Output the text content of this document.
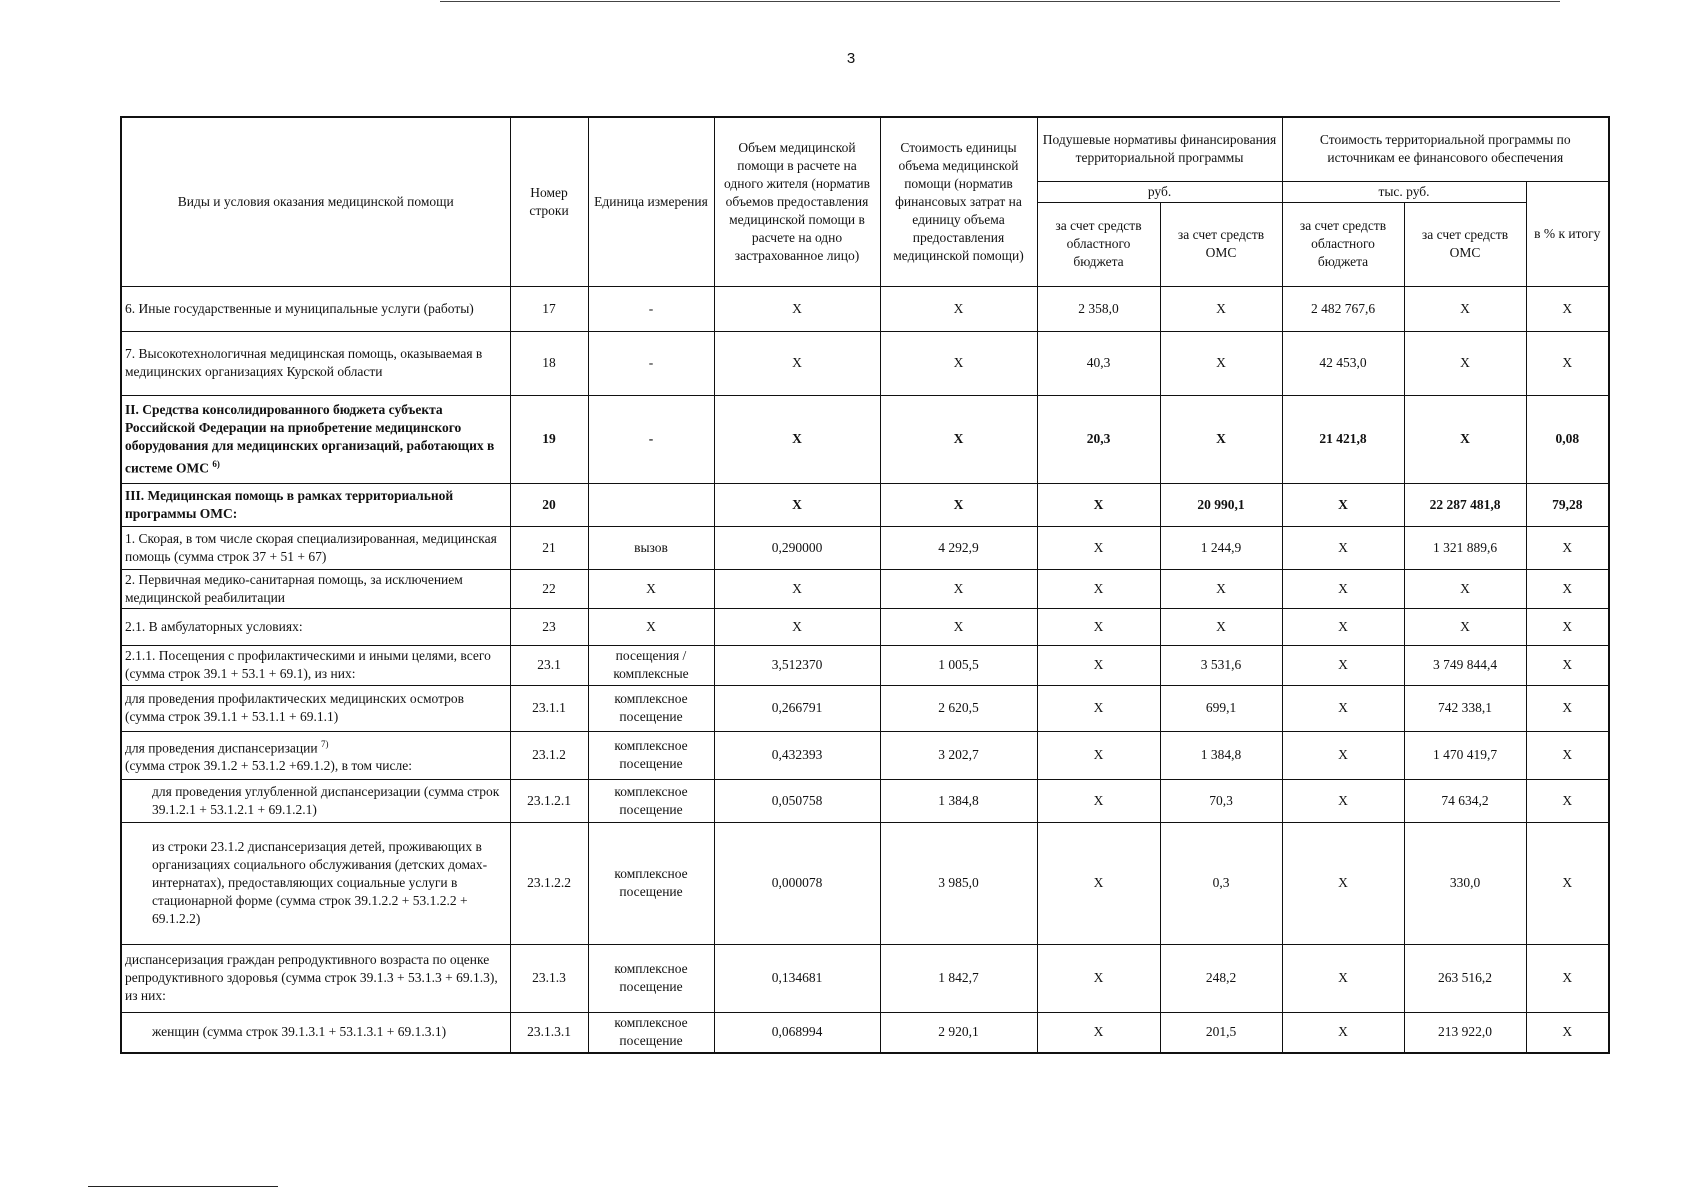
3
Виды и условия оказания медицинской помощи	Номер строки	Единица измерения	Объем медицинской помощи в расчете на одного жителя (норматив объемов предоставления медицинской помощи в расчете на одно застрахованное лицо)	Стоимость единицы объема медицинской помощи (норматив финансовых затрат на единицу объема предоставления медицинской помощи)	Подушевые нормативы финансирования территориальной программы		Стоимость территориальной программы по источникам ее финансового обеспечения		
					руб.		тыс. руб.		в % к итогу
					за счет средств областного бюджета	за счет средств ОМС	за счет средств областного бюджета	за счет средств ОМС	
6. Иные государственные и муниципальные услуги (работы)	17	-	X	X	2 358,0	X	2 482 767,6	X	X
7. Высокотехнологичная медицинская помощь, оказываемая в медицинских организациях Курской области	18	-	X	X	40,3	X	42 453,0	X	X
II. Средства консолидированного бюджета субъекта Российской Федерации на приобретение медицинского оборудования для медицинских организаций, работающих в системе ОМС $^{6)}$	19	-	X	X	20,3	X	21 421,8	X	0,08
III. Медицинская помощь в рамках территориальной программы ОМС:	20		X	X	X	20 990,1	X	22 287 481,8	79,28
1. Скорая, в том числе скорая специализированная, медицинская помощь (сумма строк 37 + 51 + 67)	21	вызов	0,290000	4 292,9	X	1 244,9	X	1 321 889,6	X
2. Первичная медико-санитарная помощь, за исключением медицинской реабилитации	22	X	X	X	X	X	X	X	X
2.1. В амбулаторных условиях:	23	X	X	X	X	X	X	X	X
2.1.1. Посещения с профилактическими и иными целями, всего (сумма строк 39.1 + 53.1 + 69.1), из них:	23.1	посещения / комплексные	3,512370	1 005,5	X	3 531,6	X	3 749 844,4	X
для проведения профилактических медицинских осмотров (сумма строк 39.1.1 + 53.1.1 + 69.1.1)	23.1.1	комплексное посещение	0,266791	2 620,5	X	699,1	X	742 338,1	X
для проведения диспансеризации $^{7)}$
(сумма строк 39.1.2 + 53.1.2 +69.1.2), в том числе:	23.1.2	комплексное посещение	0,432393	3 202,7	X	1 384,8	X	1 470 419,7	X
для проведения углубленной диспансеризации (сумма строк 39.1.2.1 + 53.1.2.1 + 69.1.2.1)	23.1.2.1	комплексное посещение	0,050758	1 384,8	X	70,3	X	74 634,2	X
из строки 23.1.2 диспансеризация детей, проживающих в организациях социального обслуживания (детских домах-интернатах), предоставляющих социальные услуги в стационарной форме (сумма строк 39.1.2.2 + 53.1.2.2 + 69.1.2.2)	23.1.2.2	комплексное посещение	0,000078	3 985,0	X	0,3	X	330,0	X
диспансеризация граждан репродуктивного возраста по оценке репродуктивного здоровья (сумма строк 39.1.3 + 53.1.3 + 69.1.3), из них:	23.1.3	комплексное посещение	0,134681	1 842,7	X	248,2	X	263 516,2	X
женщин (сумма строк 39.1.3.1 + 53.1.3.1 + 69.1.3.1)	23.1.3.1	комплексное посещение	0,068994	2 920,1	X	201,5	X	213 922,0	X
